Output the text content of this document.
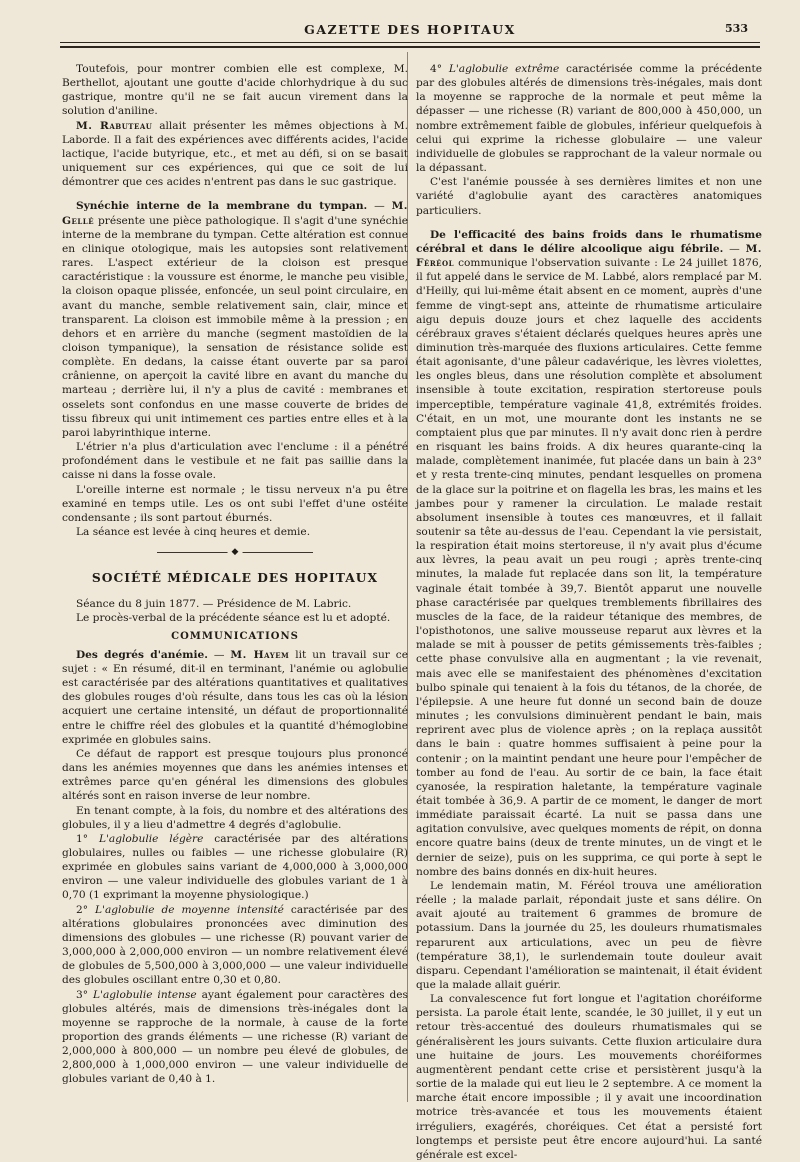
GAZETTE DES HOPITAUX	533

Toutefois, pour montrer combien elle est complexe, M. Berthellot, ajoutant une goutte d'acide chlorhydrique à du suc gastrique, montre qu'il ne se fait aucun virement dans la solution d'aniline.

M. Rabuteau allait présenter les mêmes objections à M. Laborde. Il a fait des expériences avec différents acides, l'acide lactique, l'acide butyrique, etc., et met au défi, si on se basait uniquement sur ces expériences, qui que ce soit de lui démontrer que ces acides n'entrent pas dans le suc gastrique.

Synéchie interne de la membrane du tympan. — M. Gellé présente une pièce pathologique. Il s'agit d'une synéchie interne de la membrane du tympan. Cette altération est connue en clinique otologique, mais les autopsies sont relativement rares. L'aspect extérieur de la cloison est presque caractéristique : la voussure est énorme, le manche peu visible, la cloison opaque plissée, enfoncée, un seul point circulaire, en avant du manche, semble relativement sain, clair, mince et transparent. La cloison est immobile même à la pression ; en dehors et en arrière du manche (segment mastoïdien de la cloison tympanique), la sensation de résistance solide est complète. En dedans, la caisse étant ouverte par sa paroi crânienne, on aperçoit la cavité libre en avant du manche du marteau ; derrière lui, il n'y a plus de cavité : membranes et osselets sont confondus en une masse couverte de brides de tissu fibreux qui unit intimement ces parties entre elles et à la paroi labyrinthique interne.

L'étrier n'a plus d'articulation avec l'enclume : il a pénétré profondément dans le vestibule et ne fait pas saillie dans la caisse ni dans la fosse ovale.

L'oreille interne est normale ; le tissu nerveux n'a pu être examiné en temps utile. Les os ont subi l'effet d'une ostéite condensante ; ils sont partout éburnés.

La séance est levée à cinq heures et demie.

◆

SOCIÉTÉ MÉDICALE DES HOPITAUX

Séance du 8 juin 1877. — Présidence de M. Labric.

Le procès-verbal de la précédente séance est lu et adopté.

COMMUNICATIONS

Des degrés d'anémie. — M. Hayem lit un travail sur ce sujet : « En résumé, dit-il en terminant, l'anémie ou aglobulie est caractérisée par des altérations quantitatives et qualitatives des globules rouges d'où résulte, dans tous les cas où la lésion acquiert une certaine intensité, un défaut de proportionnalité entre le chiffre réel des globules et la quantité d'hémoglobine exprimée en globules sains.

Ce défaut de rapport est presque toujours plus prononcé dans les anémies moyennes que dans les anémies intenses et extrêmes parce qu'en général les dimensions des globules altérés sont en raison inverse de leur nombre.

En tenant compte, à la fois, du nombre et des altérations des globules, il y a lieu d'admettre 4 degrés d'aglobulie.

1° L'aglobulie légère caractérisée par des altérations globulaires, nulles ou faibles — une richesse globulaire (R) exprimée en globules sains variant de 4,000,000 à 3,000,000 environ — une valeur individuelle des globules variant de 1 à 0,70 (1 exprimant la moyenne physiologique.)

2° L'aglobulie de moyenne intensité caractérisée par des altérations globulaires prononcées avec diminution des dimensions des globules — une richesse (R) pouvant varier de 3,000,000 à 2,000,000 environ — un nombre relativement élevé de globules de 5,500,000 à 3,000,000 — une valeur individuelle des globules oscillant entre 0,30 et 0,80.

3° L'aglobulie intense ayant également pour caractères des globules altérés, mais de dimensions très-inégales dont la moyenne se rapproche de la normale, à cause de la forte proportion des grands éléments — une richesse (R) variant de 2,000,000 à 800,000 — un nombre peu élevé de globules, de 2,800,000 à 1,000,000 environ — une valeur individuelle de globules variant de 0,40 à 1.

4° L'aglobulie extrême caractérisée comme la précédente par des globules altérés de dimensions très-inégales, mais dont la moyenne se rapproche de la normale et peut même la dépasser — une richesse (R) variant de 800,000 à 450,000, un nombre extrêmement faible de globules, inférieur quelquefois à celui qui exprime la richesse globulaire — une valeur individuelle de globules se rapprochant de la valeur normale ou la dépassant.

C'est l'anémie poussée à ses dernières limites et non une variété d'aglobulie ayant des caractères anatomiques particuliers.

De l'efficacité des bains froids dans le rhumatisme cérébral et dans le délire alcoolique aigu fébrile. — M. Féréol communique l'observation suivante : Le 24 juillet 1876, il fut appelé dans le service de M. Labbé, alors remplacé par M. d'Heilly, qui lui-même était absent en ce moment, auprès d'une femme de vingt-sept ans, atteinte de rhumatisme articulaire aigu depuis douze jours et chez laquelle des accidents cérébraux graves s'étaient déclarés quelques heures après une diminution très-marquée des fluxions articulaires. Cette femme était agonisante, d'une pâleur cadavérique, les lèvres violettes, les ongles bleus, dans une résolution complète et absolument insensible à toute excitation, respiration stertoreuse pouls imperceptible, température vaginale 41,8, extrémités froides. C'était, en un mot, une mourante dont les instants ne se comptaient plus que par minutes. Il n'y avait donc rien à perdre en risquant les bains froids. A dix heures quarante-cinq la malade, complètement inanimée, fut placée dans un bain à 23° et y resta trente-cinq minutes, pendant lesquelles on promena de la glace sur la poitrine et on flagella les bras, les mains et les jambes pour y ramener la circulation. Le malade restait absolument insensible à toutes ces manœuvres, et il fallait soutenir sa tête au-dessus de l'eau. Cependant la vie persistait, la respiration était moins stertoreuse, il n'y avait plus d'écume aux lèvres, la peau avait un peu rougi ; après trente-cinq minutes, la malade fut replacée dans son lit, la température vaginale était tombée à 39,7. Bientôt apparut une nouvelle phase caractérisée par quelques tremblements fibrillaires des muscles de la face, de la raideur tétanique des membres, de l'opisthotonos, une salive mousseuse reparut aux lèvres et la malade se mit à pousser de petits gémissements très-faibles ; cette phase convulsive alla en augmentant ; la vie revenait, mais avec elle se manifestaient des phénomènes d'excitation bulbo spinale qui tenaient à la fois du tétanos, de la chorée, de l'épilepsie. A une heure fut donné un second bain de douze minutes ; les convulsions diminuèrent pendant le bain, mais reprirent avec plus de violence après ; on la replaça aussitôt dans le bain : quatre hommes suffisaient à peine pour la contenir ; on la maintint pendant une heure pour l'empêcher de tomber au fond de l'eau. Au sortir de ce bain, la face était cyanosée, la respiration haletante, la température vaginale était tombée à 36,9. A partir de ce moment, le danger de mort immédiate paraissait écarté. La nuit se passa dans une agitation convulsive, avec quelques moments de répit, on donna encore quatre bains (deux de trente minutes, un de vingt et le dernier de seize), puis on les supprima, ce qui porte à sept le nombre des bains donnés en dix-huit heures.

Le lendemain matin, M. Féréol trouva une amélioration réelle ; la malade parlait, répondait juste et sans délire. On avait ajouté au traitement 6 grammes de bromure de potassium. Dans la journée du 25, les douleurs rhumatismales reparurent aux articulations, avec un peu de fièvre (température 38,1), le surlendemain toute douleur avait disparu. Cependant l'amélioration se maintenait, il était évident que la malade allait guérir.

La convalescence fut fort longue et l'agitation choréiforme persista. La parole était lente, scandée, le 30 juillet, il y eut un retour très-accentué des douleurs rhumatismales qui se généralisèrent les jours suivants. Cette fluxion articulaire dura une huitaine de jours. Les mouvements choréiformes augmentèrent pendant cette crise et persistèrent jusqu'à la sortie de la malade qui eut lieu le 2 septembre. A ce moment la marche était encore impossible ; il y avait une incoordination motrice très-avancée et tous les mouvements étaient irréguliers, exagérés, choréiques. Cet état a persisté fort longtemps et persiste peut être encore aujourd'hui. La santé générale est excel-
